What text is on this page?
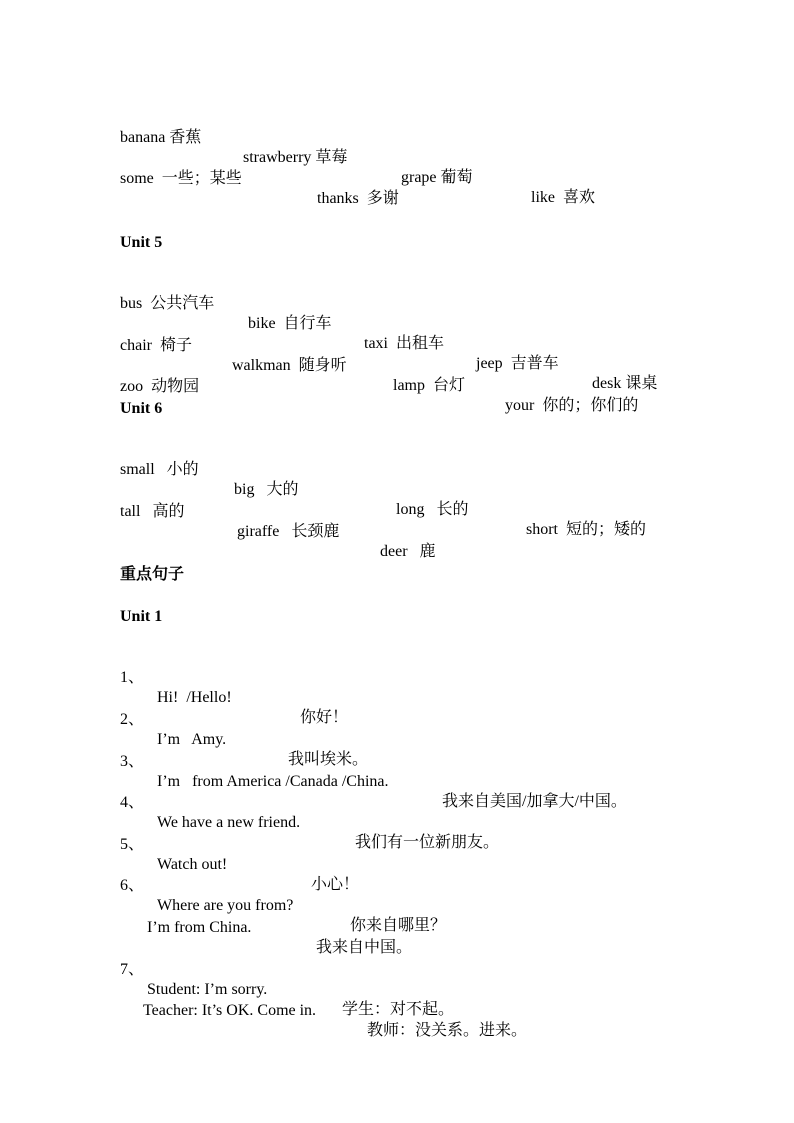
banana 香蕉

strawberry 草莓

grape 葡萄

like  喜欢

some  一些；某些

thanks  多谢

Unit 5

bus  公共汽车

bike  自行车

taxi  出租车

jeep  吉普车

desk 课桌

chair  椅子

walkman  随身听

lamp  台灯

your  你的；你们的

zoo  动物园

Unit 6

small   小的

big   大的

long   长的

short  短的；矮的

tall   高的

giraffe   长颈鹿

deer   鹿

重点句子
Unit 1

1、

Hi!  /Hello!

你好！

2、

I’m   Amy.

我叫埃米。

3、

I’m   from America /Canada /China.

我来自美国/加拿大/中国。

4、

We have a new friend.

我们有一位新朋友。

5、

Watch out!

小心！

6、

Where are you from?

你来自哪里？

I’m from China.

我来自中国。

7、

Student: I’m sorry.

学生：对不起。

Teacher: It’s OK. Come in.

教师：没关系。进来。
